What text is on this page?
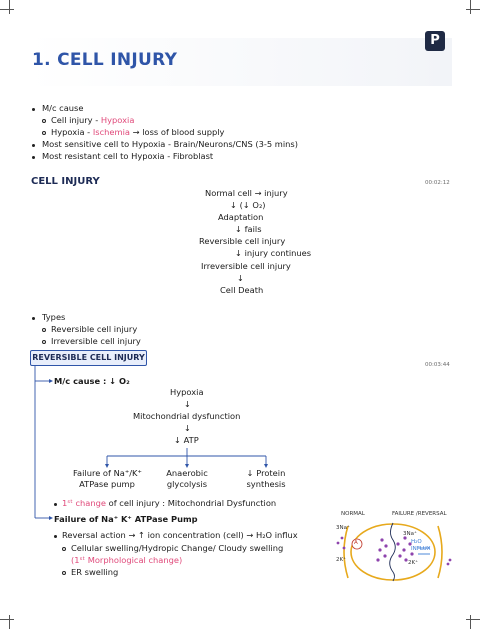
1. CELL INJURY
P
M/c cause
Cell injury - Hypoxia
Hypoxia - Ischemia → loss of blood supply
Most sensitive cell to Hypoxia - Brain/Neurons/CNS (3-5 mins)
Most resistant cell to Hypoxia - Fibroblast
CELL INJURY	00:02:12
Normal cell → injury
↓ (↓ O₂)
Adaptation
↓ fails
Reversible cell injury
↓ injury continues
Irreversible cell injury
↓
Cell Death
Types
Reversible cell injury
Irreversible cell injury
REVERSIBLE CELL INJURY
00:03:44
M/c cause : ↓ O₂
Hypoxia
↓
Mitochondrial dysfunction
↓
↓ ATP
Failure of Na⁺/K⁺
ATPase pump
Anaerobic
glycolysis
↓ Protein
synthesis
1ˢᵗ change of cell injury : Mitochondrial Dysfunction
Failure of Na⁺ K⁺ ATPase Pump
Reversal action → ↑ ion concentration (cell) → H₂O influx
Cellular swelling/Hydropic Change/ Cloudy swelling
(1ˢᵗ Morphological change)
ER swelling
NORMAL	FAILURE /REVERSAL
3Na⁺
A
2K⁺
3Na⁺
H₂O
INFLUX
2K⁺
